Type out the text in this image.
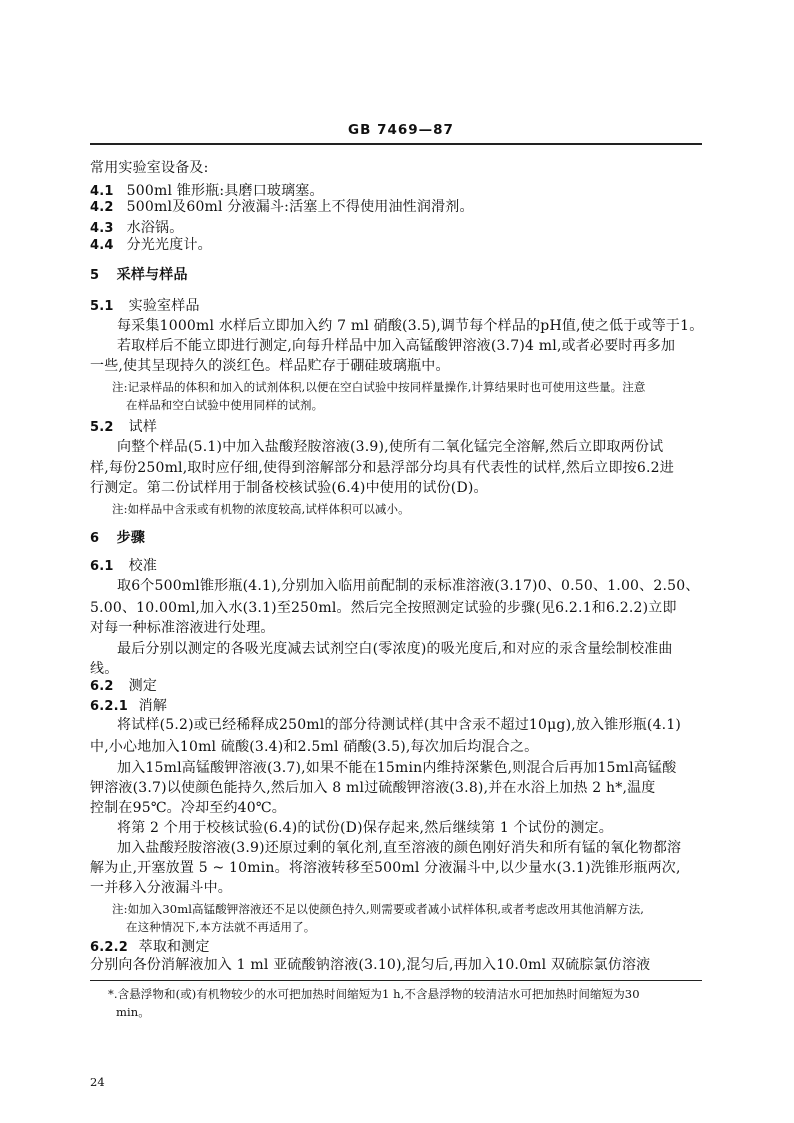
GB 7469—87
常用实验室设备及:
4.1 500ml 锥形瓶:具磨口玻璃塞。
4.2 500ml及60ml 分液漏斗:活塞上不得使用油性润滑剂。
4.3 水浴锅。
4.4 分光光度计。
5 采样与样品
5.1 实验室样品
每采集1000ml 水样后立即加入约 7 ml 硝酸(3.5),调节每个样品的pH值,使之低于或等于1。
若取样后不能立即进行测定,向每升样品中加入高锰酸钾溶液(3.7)4 ml,或者必要时再多加
一些,使其呈现持久的淡红色。样品贮存于硼硅玻璃瓶中。
注:记录样品的体积和加入的试剂体积,以便在空白试验中按同样量操作,计算结果时也可使用这些量。注意
在样品和空白试验中使用同样的试剂。
5.2 试样
向整个样品(5.1)中加入盐酸羟胺溶液(3.9),使所有二氧化锰完全溶解,然后立即取两份试
样,每份250ml,取时应仔细,使得到溶解部分和悬浮部分均具有代表性的试样,然后立即按6.2进
行测定。第二份试样用于制备校核试验(6.4)中使用的试份(D)。
注:如样品中含汞或有机物的浓度较高,试样体积可以减小。
6 步骤
6.1 校准
取6个500ml锥形瓶(4.1),分别加入临用前配制的汞标准溶液(3.17)0、0.50、1.00、2.50、
5.00、10.00ml,加入水(3.1)至250ml。然后完全按照测定试验的步骤(见6.2.1和6.2.2)立即
对每一种标准溶液进行处理。
最后分别以测定的各吸光度减去试剂空白(零浓度)的吸光度后,和对应的汞含量绘制校准曲
线。
6.2 测定
6.2.1 消解
将试样(5.2)或已经稀释成250ml的部分待测试样(其中含汞不超过10μg),放入锥形瓶(4.1)
中,小心地加入10ml 硫酸(3.4)和2.5ml 硝酸(3.5),每次加后均混合之。
加入15ml高锰酸钾溶液(3.7),如果不能在15min内维持深紫色,则混合后再加15ml高锰酸
钾溶液(3.7)以使颜色能持久,然后加入 8 ml过硫酸钾溶液(3.8),并在水浴上加热 2 h*,温度
控制在95℃。冷却至约40℃。
将第 2 个用于校核试验(6.4)的试份(D)保存起来,然后继续第 1 个试份的测定。
加入盐酸羟胺溶液(3.9)还原过剩的氧化剂,直至溶液的颜色刚好消失和所有锰的氧化物都溶
解为止,开塞放置 5 ~ 10min。将溶液转移至500ml 分液漏斗中,以少量水(3.1)洗锥形瓶两次,
一并移入分液漏斗中。
注:如加入30ml高锰酸钾溶液还不足以使颜色持久,则需要或者减小试样体积,或者考虑改用其他消解方法,
在这种情况下,本方法就不再适用了。
6.2.2 萃取和测定
分别向各份消解液加入 1 ml 亚硫酸钠溶液(3.10),混匀后,再加入10.0ml 双硫腙氯仿溶液
*.含悬浮物和(或)有机物较少的水可把加热时间缩短为1 h,不含悬浮物的较清洁水可把加热时间缩短为30
min。
24
